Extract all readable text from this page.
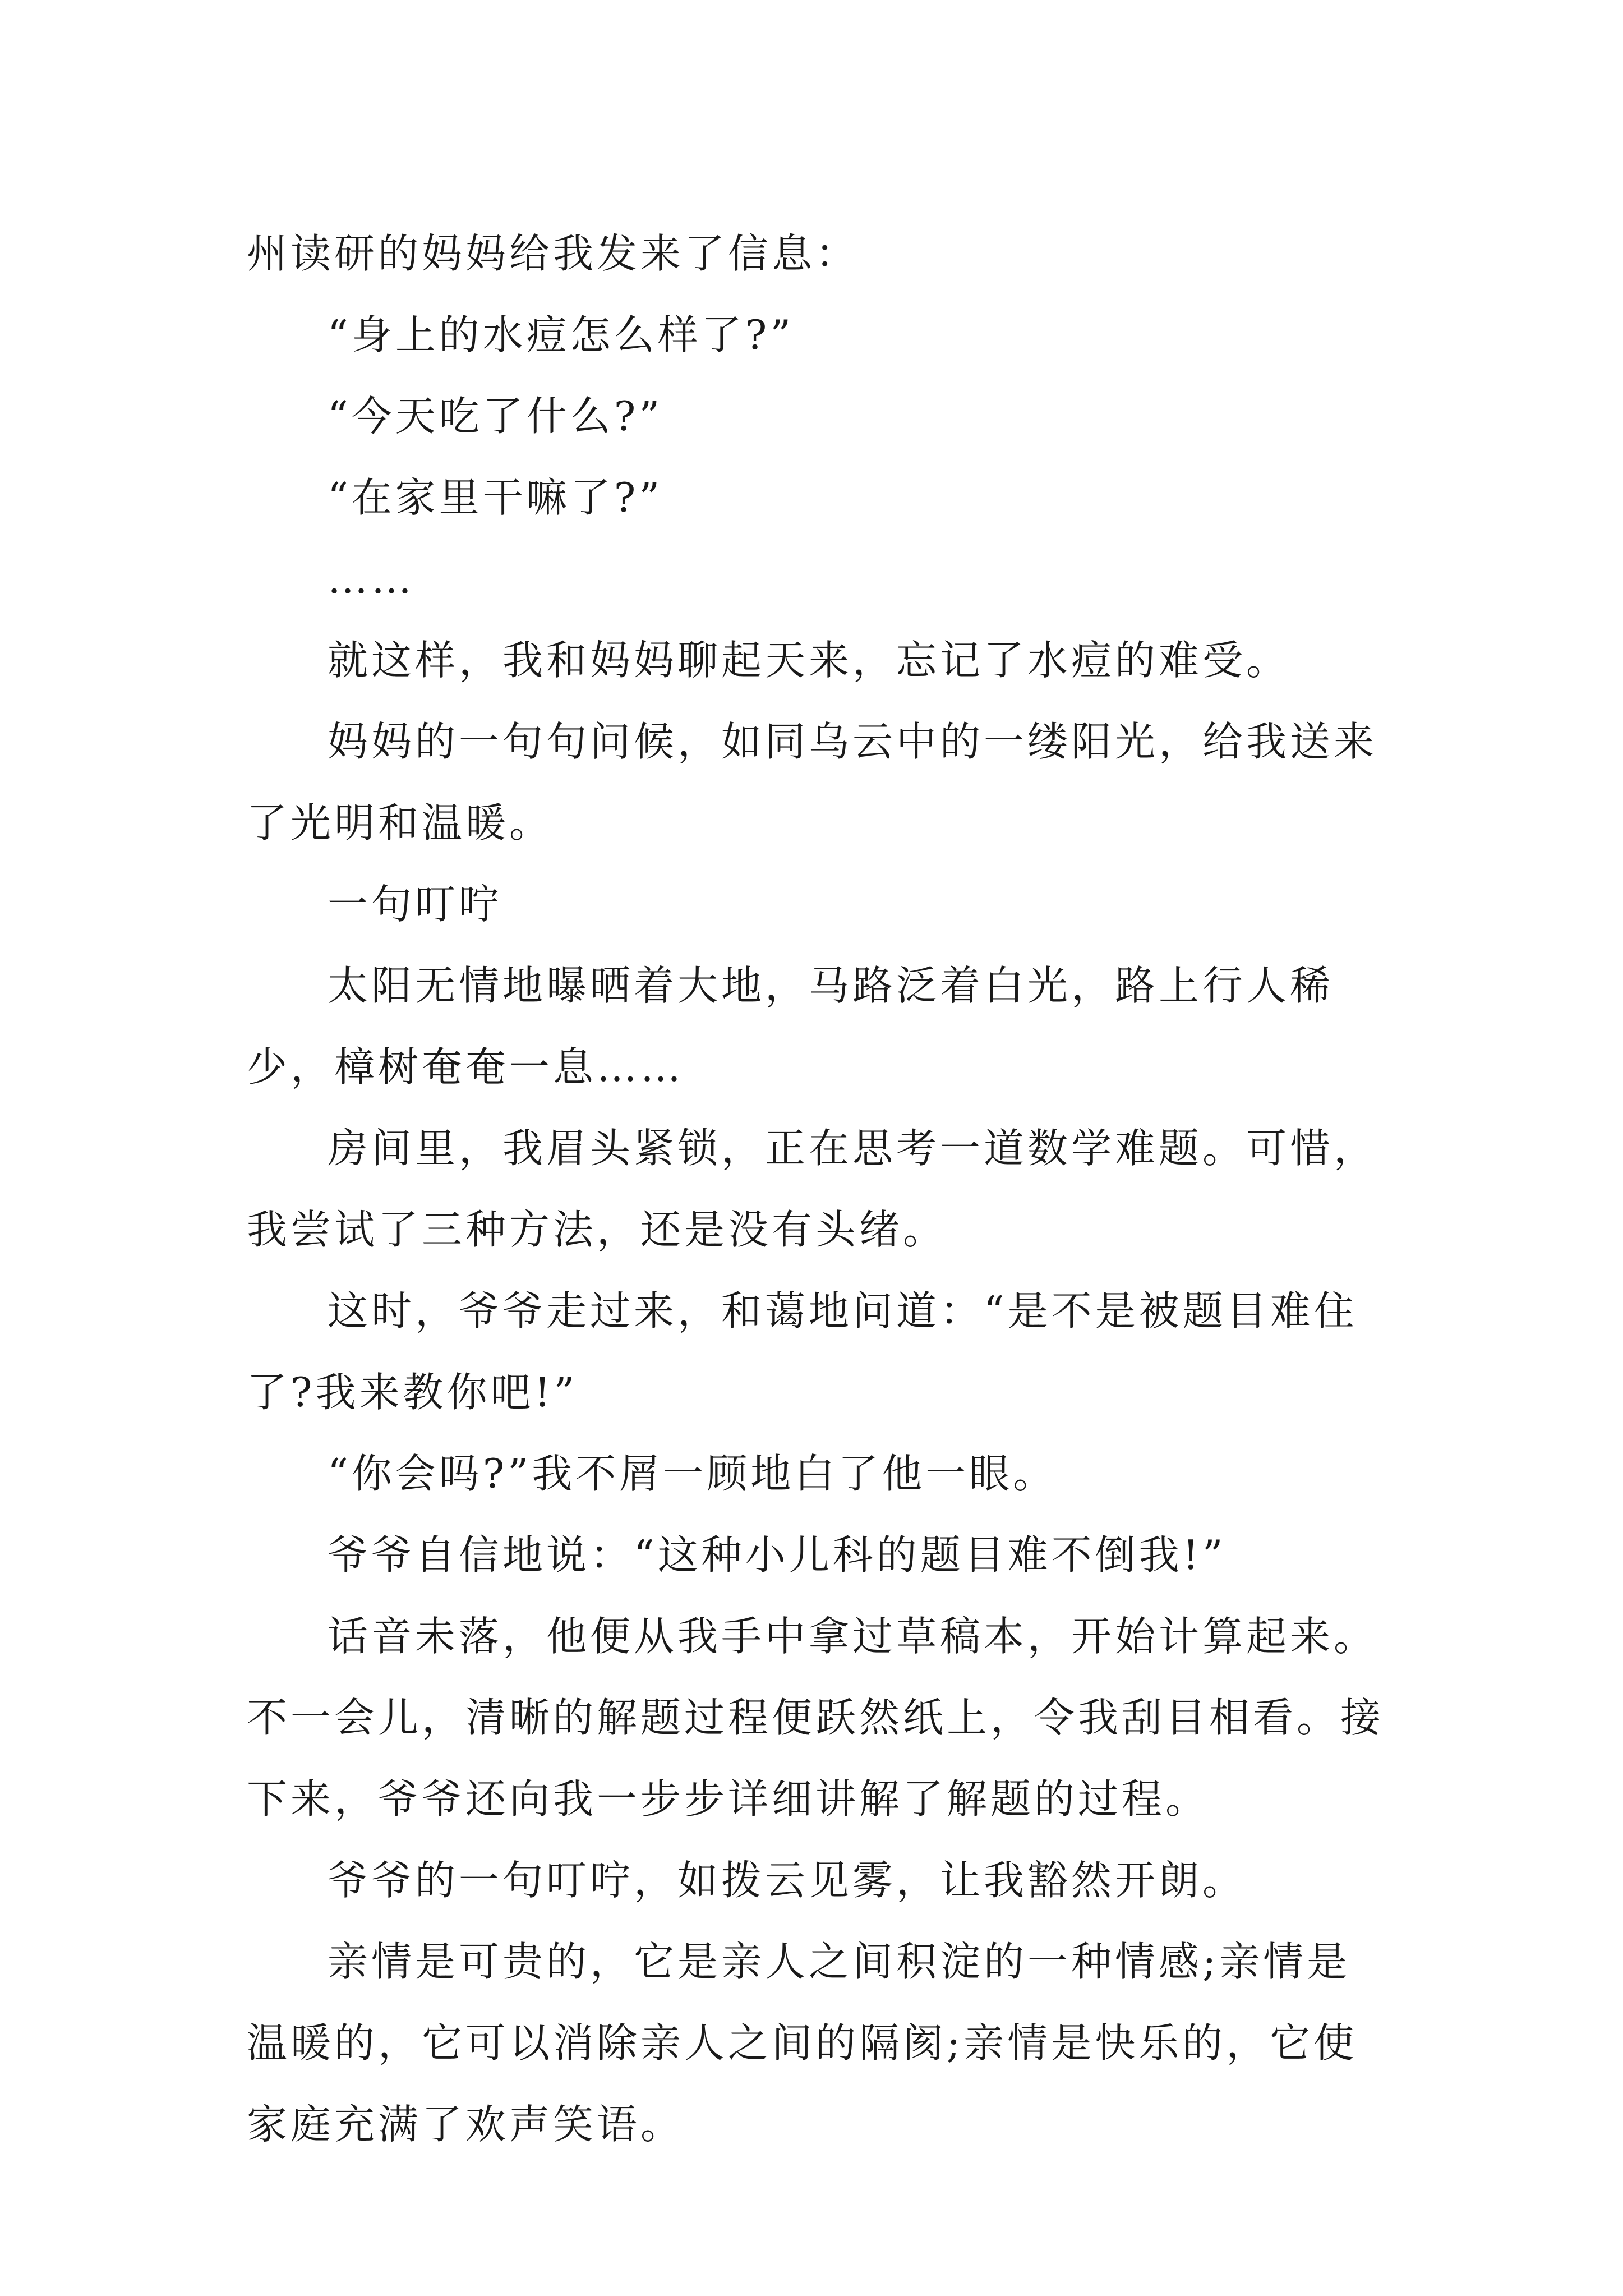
州读研的妈妈给我发来了信息：

“身上的水痘怎么样了?”

“今天吃了什么?”

“在家里干嘛了?”

……

就这样，我和妈妈聊起天来，忘记了水痘的难受。

妈妈的一句句问候，如同乌云中的一缕阳光，给我送来了光明和温暖。

一句叮咛

太阳无情地曝晒着大地，马路泛着白光，路上行人稀少，樟树奄奄一息……

房间里，我眉头紧锁，正在思考一道数学难题。可惜，我尝试了三种方法，还是没有头绪。

这时，爷爷走过来，和蔼地问道：“是不是被题目难住了?我来教你吧!”

“你会吗?”我不屑一顾地白了他一眼。

爷爷自信地说：“这种小儿科的题目难不倒我!”

话音未落，他便从我手中拿过草稿本，开始计算起来。不一会儿，清晰的解题过程便跃然纸上，令我刮目相看。接下来，爷爷还向我一步步详细讲解了解题的过程。

爷爷的一句叮咛，如拨云见雾，让我豁然开朗。

亲情是可贵的，它是亲人之间积淀的一种情感;亲情是温暖的，它可以消除亲人之间的隔阂;亲情是快乐的，它使家庭充满了欢声笑语。
